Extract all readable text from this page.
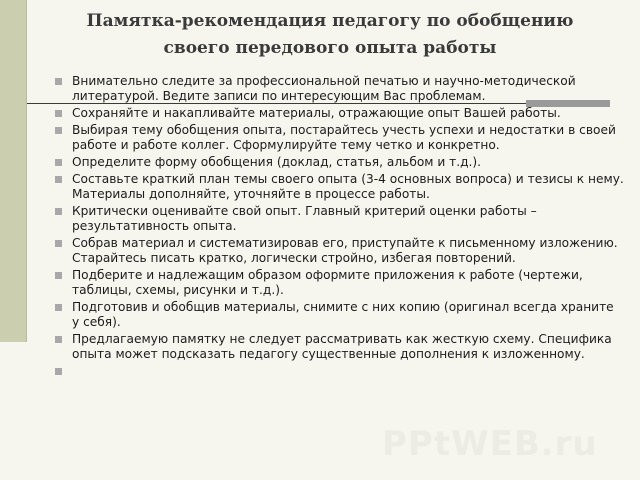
Памятка-рекомендация педагогу по обобщению
своего передового опыта работы
Внимательно следите за профессиональной печатью и научно-методической литературой. Ведите записи по интересующим Вас проблемам.
Сохраняйте и накапливайте материалы, отражающие опыт Вашей работы.
Выбирая тему обобщения опыта, постарайтесь учесть успехи и недостатки в своей работе и работе коллег. Сформулируйте тему четко и конкретно.
Определите форму обобщения (доклад, статья, альбом и т.д.).
Составьте краткий план темы своего опыта (3-4 основных вопроса) и тезисы к нему. Материалы дополняйте, уточняйте в процессе работы.
Критически оценивайте свой опыт. Главный критерий оценки работы – результативность опыта.
Собрав материал и систематизировав его, приступайте к письменному изложению. Старайтесь писать кратко, логически стройно, избегая повторений.
Подберите и надлежащим образом оформите приложения к работе (чертежи, таблицы, схемы, рисунки и т.д.).
Подготовив и обобщив материалы, снимите с них копию (оригинал всегда храните у себя).
Предлагаемую памятку не следует рассматривать как жесткую схему. Специфика опыта может подсказать педагогу существенные дополнения к изложенному.
PPtWEB.ru
